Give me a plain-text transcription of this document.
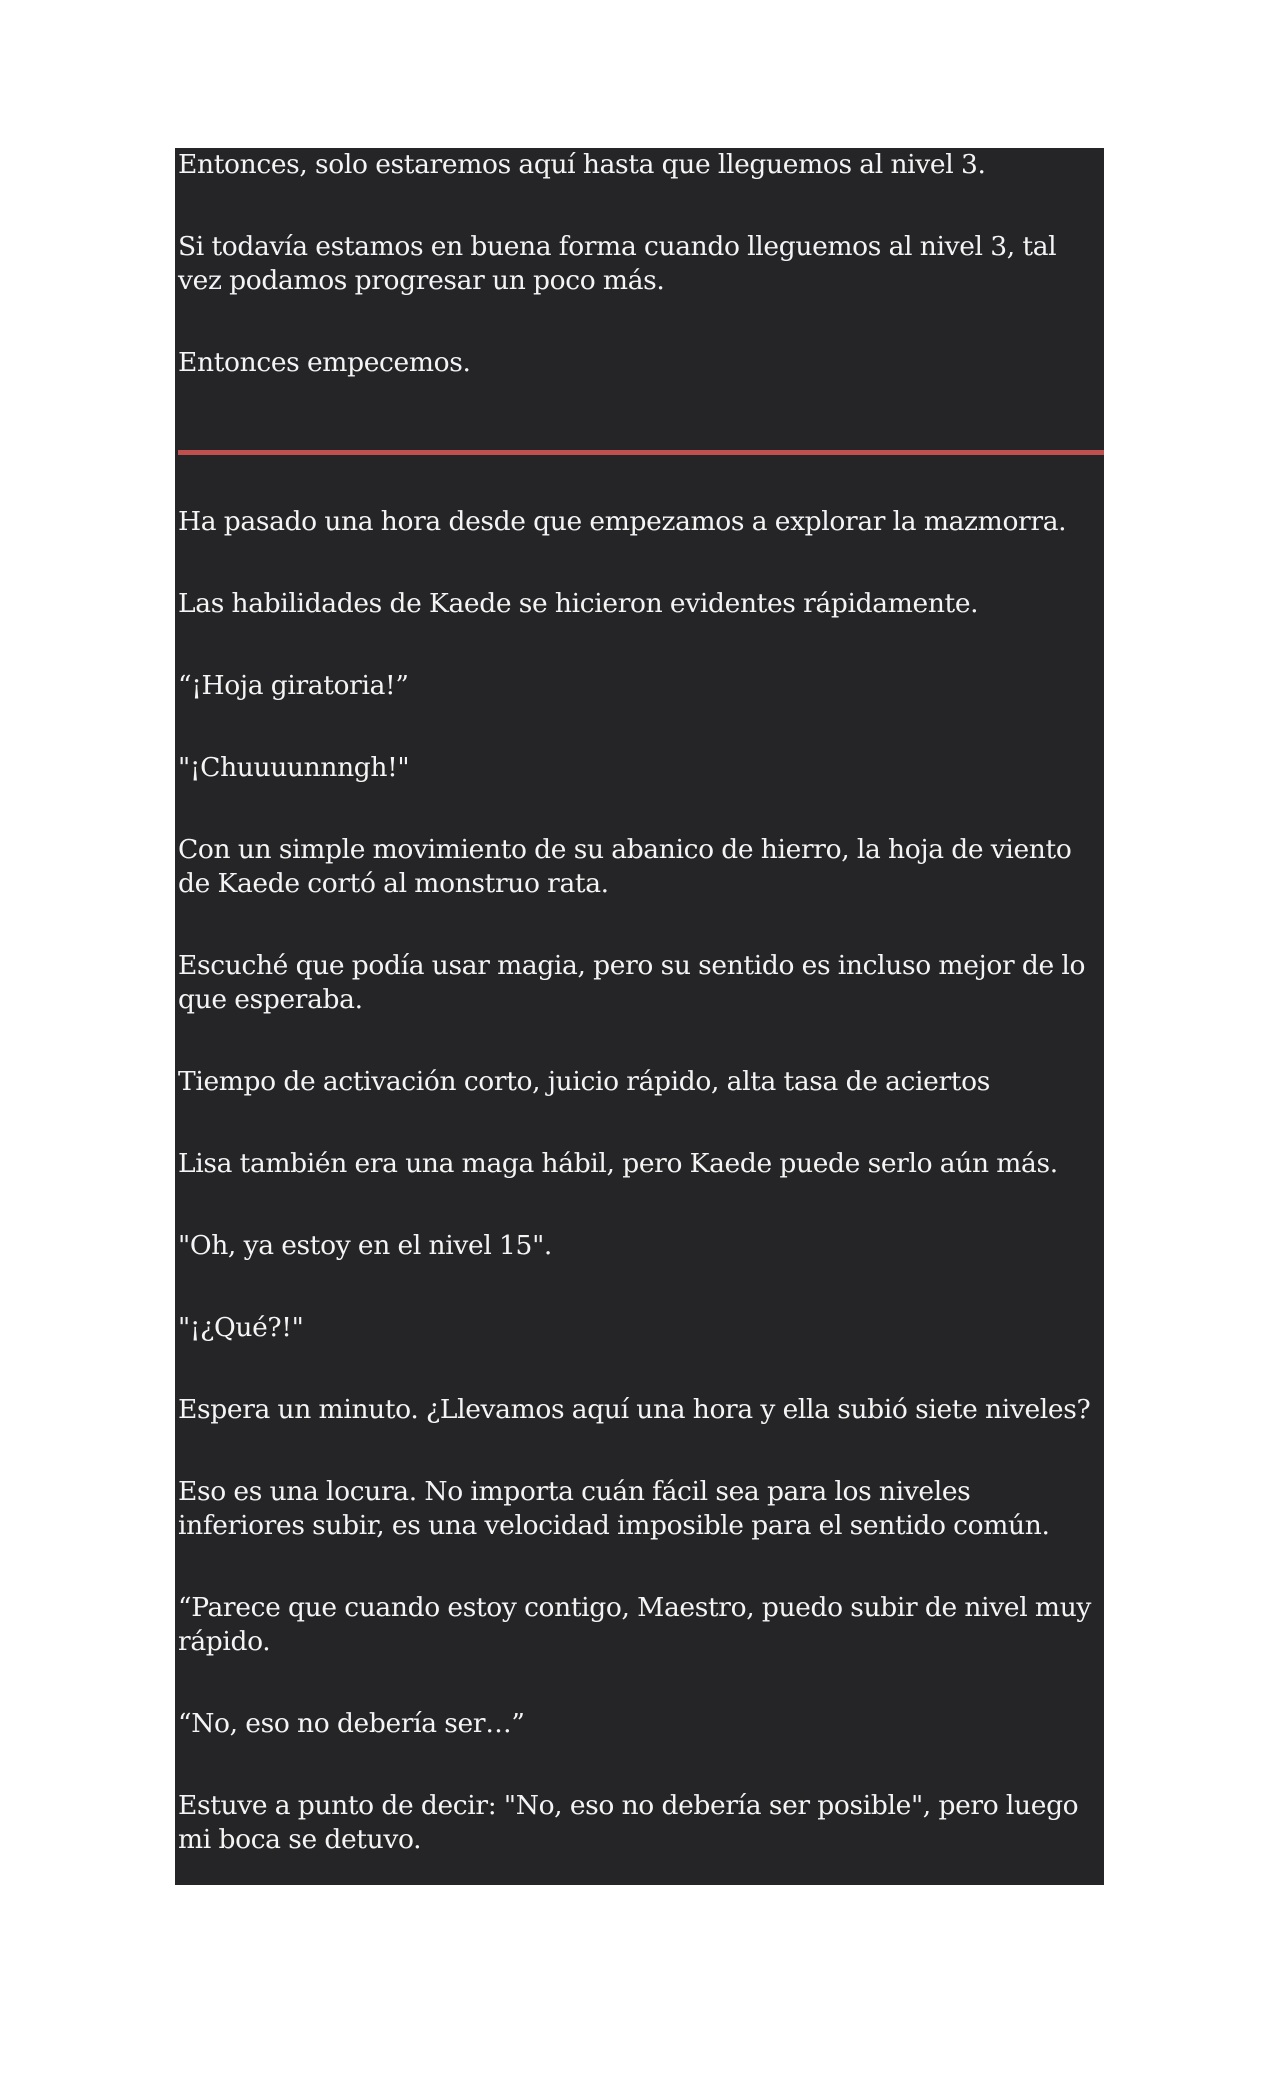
Entonces, solo estaremos aquí hasta que lleguemos al nivel 3.

Si todavía estamos en buena forma cuando lleguemos al nivel 3, tal vez podamos progresar un poco más.

Entonces empecemos.

Ha pasado una hora desde que empezamos a explorar la mazmorra.

Las habilidades de Kaede se hicieron evidentes rápidamente.

“¡Hoja giratoria!”

"¡Chuuuunnngh!"

Con un simple movimiento de su abanico de hierro, la hoja de viento de Kaede cortó al monstruo rata.

Escuché que podía usar magia, pero su sentido es incluso mejor de lo que esperaba.

Tiempo de activación corto, juicio rápido, alta tasa de aciertos

Lisa también era una maga hábil, pero Kaede puede serlo aún más.

"Oh, ya estoy en el nivel 15".

"¡¿Qué?!"

Espera un minuto. ¿Llevamos aquí una hora y ella subió siete niveles?

Eso es una locura. No importa cuán fácil sea para los niveles inferiores subir, es una velocidad imposible para el sentido común.

“Parece que cuando estoy contigo, Maestro, puedo subir de nivel muy rápido.

“No, eso no debería ser…”

Estuve a punto de decir: "No, eso no debería ser posible", pero luego mi boca se detuvo.
